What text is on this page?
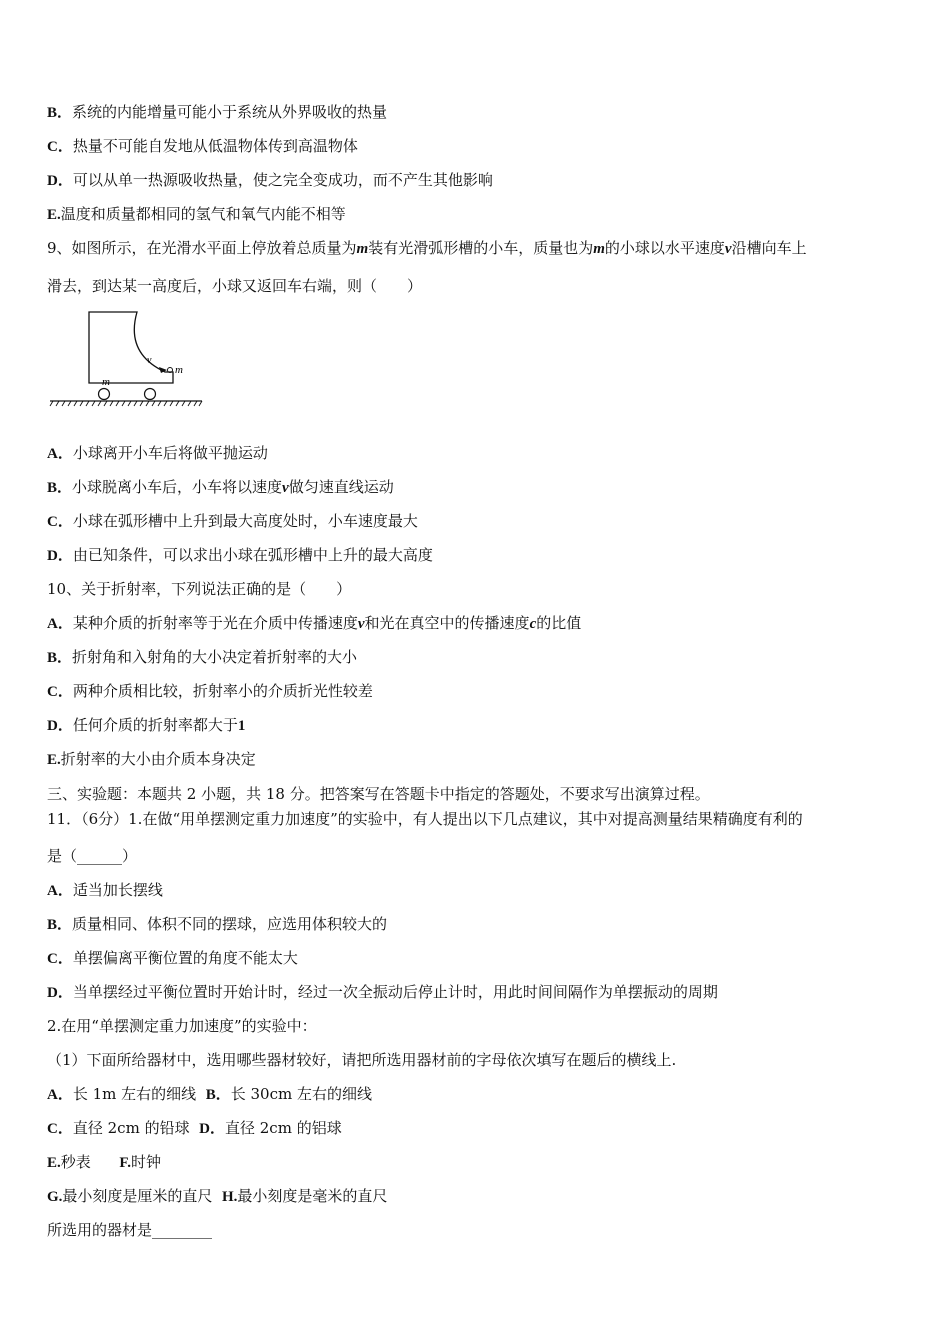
B．系统的内能增量可能小于系统从外界吸收的热量
C．热量不可能自发地从低温物体传到高温物体
D．可以从单一热源吸收热量，使之完全变成功，而不产生其他影响
E.温度和质量都相同的氢气和氧气内能不相等
9、如图所示，在光滑水平面上停放着总质量为m装有光滑弧形槽的小车，质量也为m的小球以水平速度v沿槽向车上
滑去，到达某一高度后，小球又返回车右端，则（　　）
v
m
m
A．小球离开小车后将做平抛运动
B．小球脱离小车后，小车将以速度v做匀速直线运动
C．小球在弧形槽中上升到最大高度处时，小车速度最大
D．由已知条件，可以求出小球在弧形槽中上升的最大高度
10、关于折射率，下列说法正确的是（　　）
A．某种介质的折射率等于光在介质中传播速度v和光在真空中的传播速度c的比值
B．折射角和入射角的大小决定着折射率的大小
C．两种介质相比较，折射率小的介质折光性较差
D．任何介质的折射率都大于1
E.折射率的大小由介质本身决定
三、实验题：本题共 2 小题，共 18 分。把答案写在答题卡中指定的答题处，不要求写出演算过程。
11．（6分）1.在做“用单摆测定重力加速度”的实验中，有人提出以下几点建议，其中对提高测量结果精确度有利的
是（______）
A．适当加长摆线
B．质量相同、体积不同的摆球，应选用体积较大的
C．单摆偏离平衡位置的角度不能太大
D．当单摆经过平衡位置时开始计时，经过一次全振动后停止计时，用此时间间隔作为单摆振动的周期
2.在用“单摆测定重力加速度”的实验中：
（1）下面所给器材中，选用哪些器材较好，请把所选用器材前的字母依次填写在题后的横线上.
A．长 1m 左右的细线 B．长 30cm 左右的细线
C．直径 2cm 的铅球 D．直径 2cm 的铝球
E.秒表 F.时钟
G.最小刻度是厘米的直尺 H.最小刻度是毫米的直尺
所选用的器材是________
